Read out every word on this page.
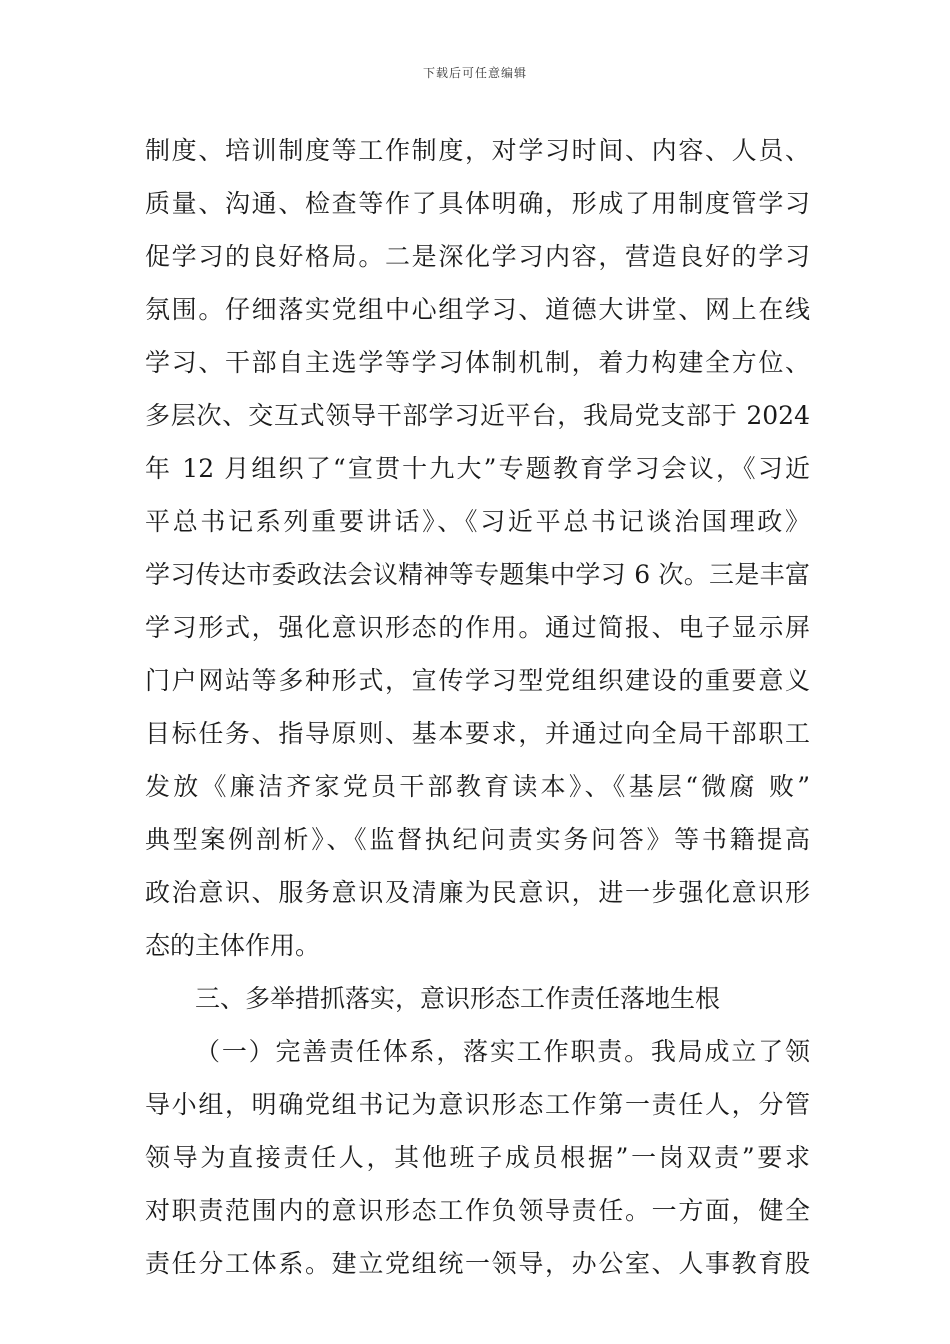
下载后可任意编辑
制度、培训制度等工作制度，对学习时间、内容、人员、
质量、沟通、检查等作了具体明确，形成了用制度管学习
促学习的良好格局。二是深化学习内容，营造良好的学习
氛围。仔细落实党组中心组学习、道德大讲堂、网上在线
学习、干部自主选学等学习体制机制，着力构建全方位、
多层次、交互式领导干部学习近平台，我局党支部于 2024
年 12 月组织了“宣贯十九大”专题教育学习会议，《习近
平总书记系列重要讲话》、《习近平总书记谈治国理政》
学习传达市委政法会议精神等专题集中学习 6 次。三是丰富
学习形式，强化意识形态的作用。通过简报、电子显示屏
门户网站等多种形式，宣传学习型党组织建设的重要意义
目标任务、指导原则、基本要求，并通过向全局干部职工
发放《廉洁齐家党员干部教育读本》、《基层“微腐 败”
典型案例剖析》、《监督执纪问责实务问答》等书籍提高
政治意识、服务意识及清廉为民意识，进一步强化意识形
态的主体作用。
三、多举措抓落实，意识形态工作责任落地生根
（一）完善责任体系，落实工作职责。我局成立了领
导小组，明确党组书记为意识形态工作第一责任人，分管
领导为直接责任人，其他班子成员根据”一岗双责”要求
对职责范围内的意识形态工作负领导责任。一方面，健全
责任分工体系。建立党组统一领导，办公室、人事教育股
